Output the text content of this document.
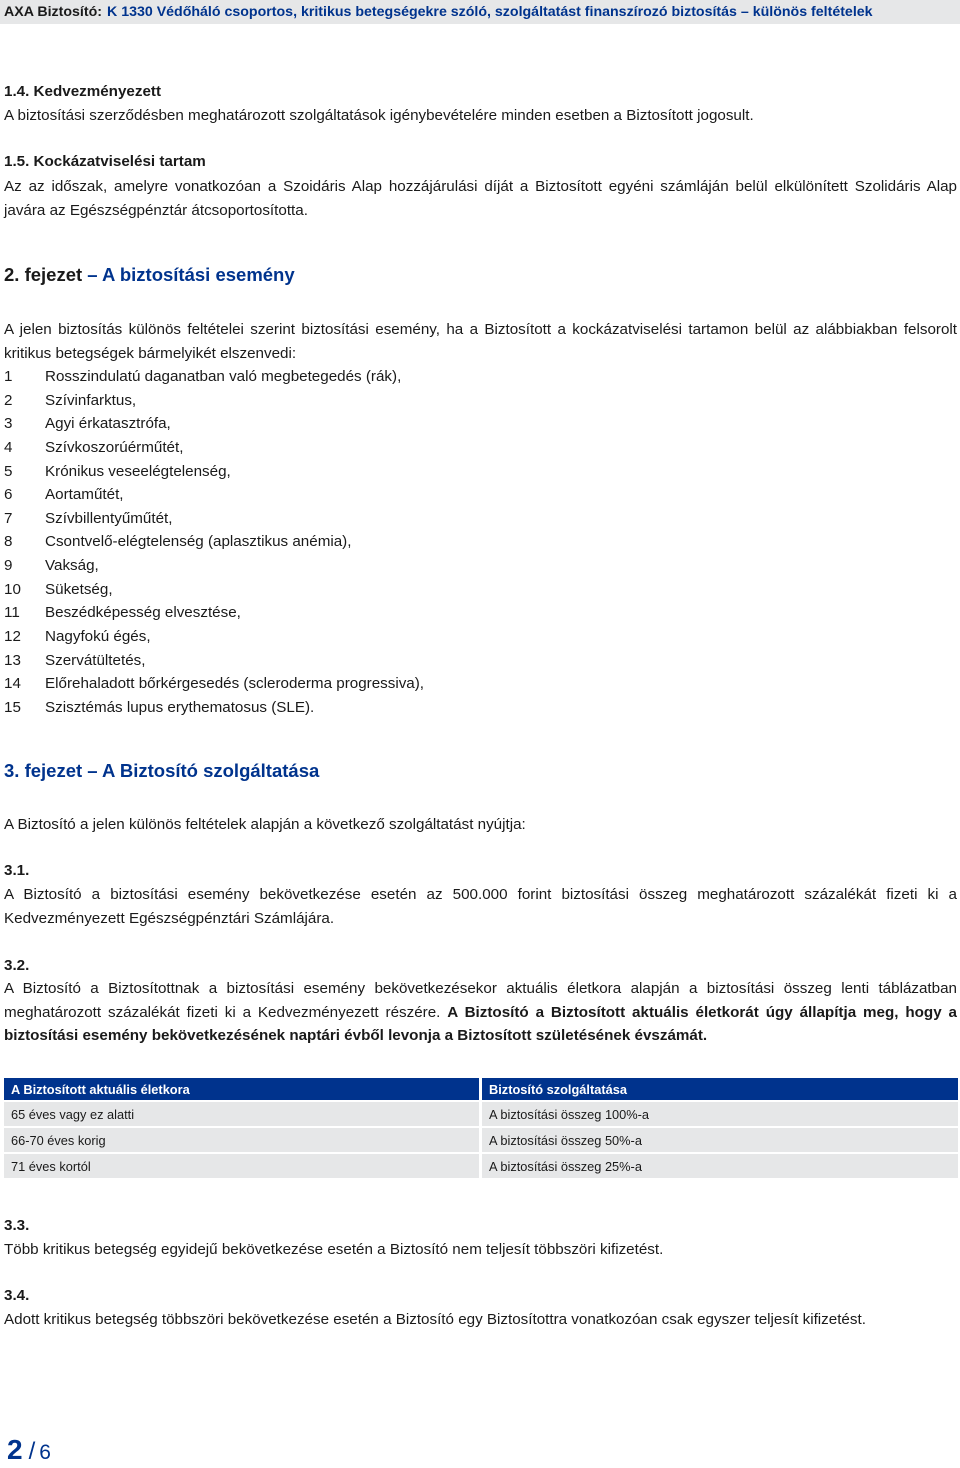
AXA Biztosító: K 1330 Védőháló csoportos, kritikus betegségekre szóló, szolgáltatást finanszírozó biztosítás – különös feltételek

1.4. Kedvezményezett

A biztosítási szerződésben meghatározott szolgáltatások igénybevételére minden esetben a Biztosított jogosult.

1.5. Kockázatviselési tartam

Az az időszak, amelyre vonatkozóan a Szoidáris Alap hozzájárulási díját a Biztosított egyéni számláján belül elkülönített Szolidáris Alap javára az Egészségpénztár átcsoportosította.

2. fejezet – A biztosítási esemény

A jelen biztosítás különös feltételei szerint biztosítási esemény, ha a Biztosított a kockázatviselési tartamon belül az alábbiakban felsorolt kritikus betegségek bármelyikét elszenvedi:

1 Rosszindulatú daganatban való megbetegedés (rák),
2 Szívinfarktus,
3 Agyi érkatasztrófa,
4 Szívkoszorúérműtét,
5 Krónikus veseelégtelenség,
6 Aortaműtét,
7 Szívbillentyűműtét,
8 Csontvelő-elégtelenség (aplasztikus anémia),
9 Vakság,
10 Süketség,
11 Beszédképesség elvesztése,
12 Nagyfokú égés,
13 Szervátültetés,
14 Előrehaladott bőrkérgesedés (scleroderma progressiva),
15 Szisztémás lupus erythematosus (SLE).
3. fejezet – A Biztosító szolgáltatása

A Biztosító a jelen különös feltételek alapján a következő szolgáltatást nyújtja:

3.1.

A Biztosító a biztosítási esemény bekövetkezése esetén az 500.000 forint biztosítási összeg meghatározott százalékát fizeti ki a Kedvezményezett Egészségpénztári Számlájára.

3.2.

A Biztosító a Biztosítottnak a biztosítási esemény bekövetkezésekor aktuális életkora alapján a biztosítási összeg lenti táblázatban meghatározott százalékát fizeti ki a Kedvezményezett részére. A Biztosító a Biztosított aktuális életkorát úgy állapítja meg, hogy a biztosítási esemény bekövetkezésének naptári évből levonja a Biztosított születésének évszámát.

A Biztosított aktuális életkora	Biztosító szolgáltatása
65 éves vagy ez alatti	A biztosítási összeg 100%-a
66-70 éves korig	A biztosítási összeg 50%-a
71 éves kortól	A biztosítási összeg 25%-a

3.3.

Több kritikus betegség egyidejű bekövetkezése esetén a Biztosító nem teljesít többszöri kifizetést.

3.4.

Adott kritikus betegség többszöri bekövetkezése esetén a Biztosító egy Biztosítottra vonatkozóan csak egyszer teljesít kifizetést.

2 / 6
